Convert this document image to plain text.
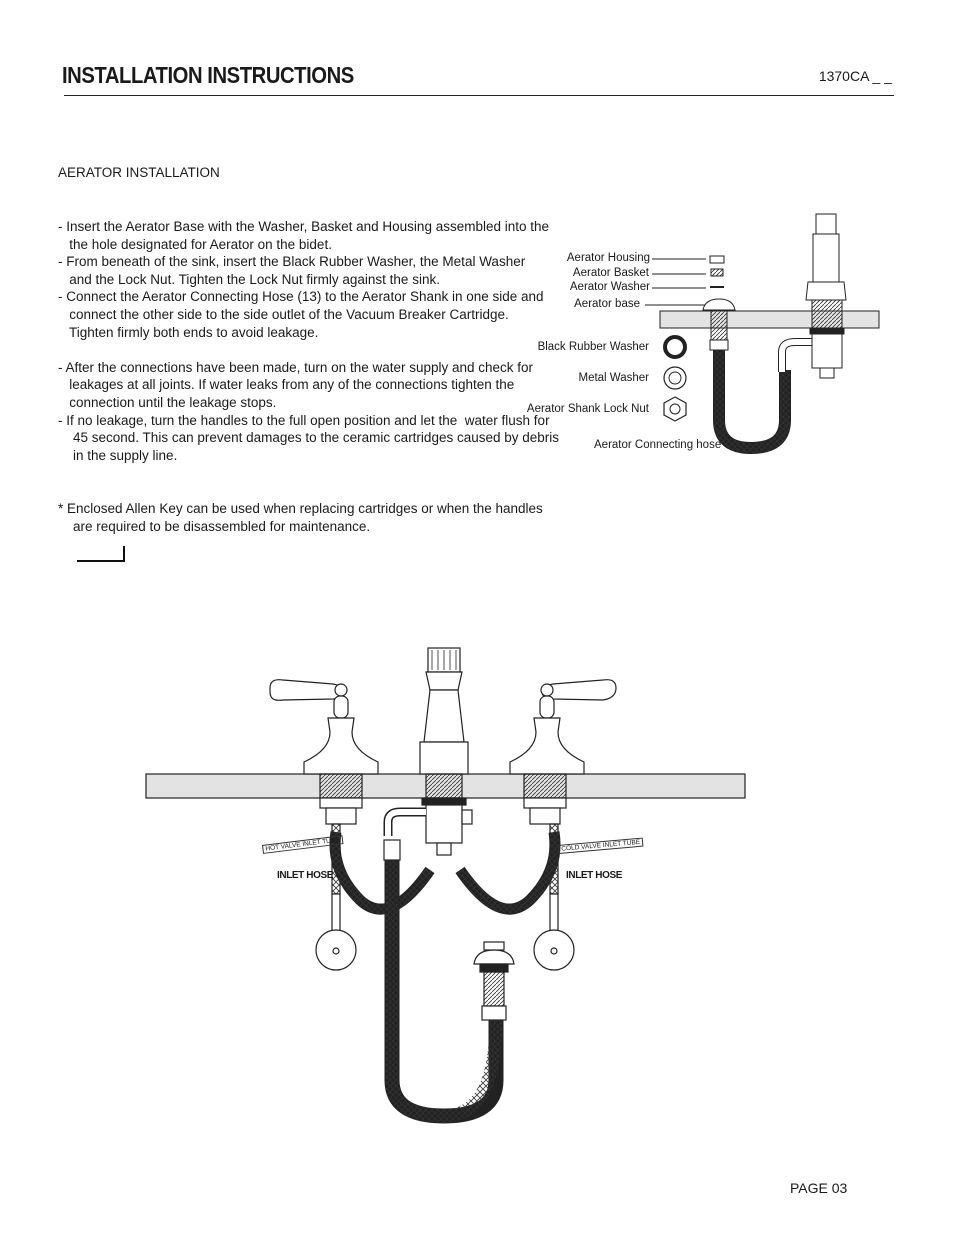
INSTALLATION INSTRUCTIONS	1370CA _ _
AERATOR INSTALLATION

- Insert the Aerator Base with the Washer, Basket and Housing assembled into the

the hole designated for Aerator on the bidet.

- From beneath of the sink, insert the Black Rubber Washer, the Metal Washer

and the Lock Nut. Tighten the Lock Nut firmly against the sink.

- Connect the Aerator Connecting Hose (13) to the Aerator Shank in one side and

connect the other side to the side outlet of the Vacuum Breaker Cartridge.

Tighten firmly both ends to avoid leakage.

- After the connections have been made, turn on the water supply and check for

leakages at all joints. If water leaks from any of the connections tighten the

connection until the leakage stops.

- If no leakage, turn the handles to the full open position and let the  water flush for

45 second. This can prevent damages to the ceramic cartridges caused by debris

in the supply line.

* Enclosed Allen Key can be used when replacing cartridges or when the handles

are required to be disassembled for maintenance.

Aerator Housing
Aerator Basket
Aerator Washer
Aerator base
Black Rubber Washer
Metal Washer
Aerator Shank Lock Nut
Aerator Connecting hose
HOT VALVE INLET TUBE	COLD VALVE INLET TUBE
INLET HOSE	INLET HOSE
PAGE 03
